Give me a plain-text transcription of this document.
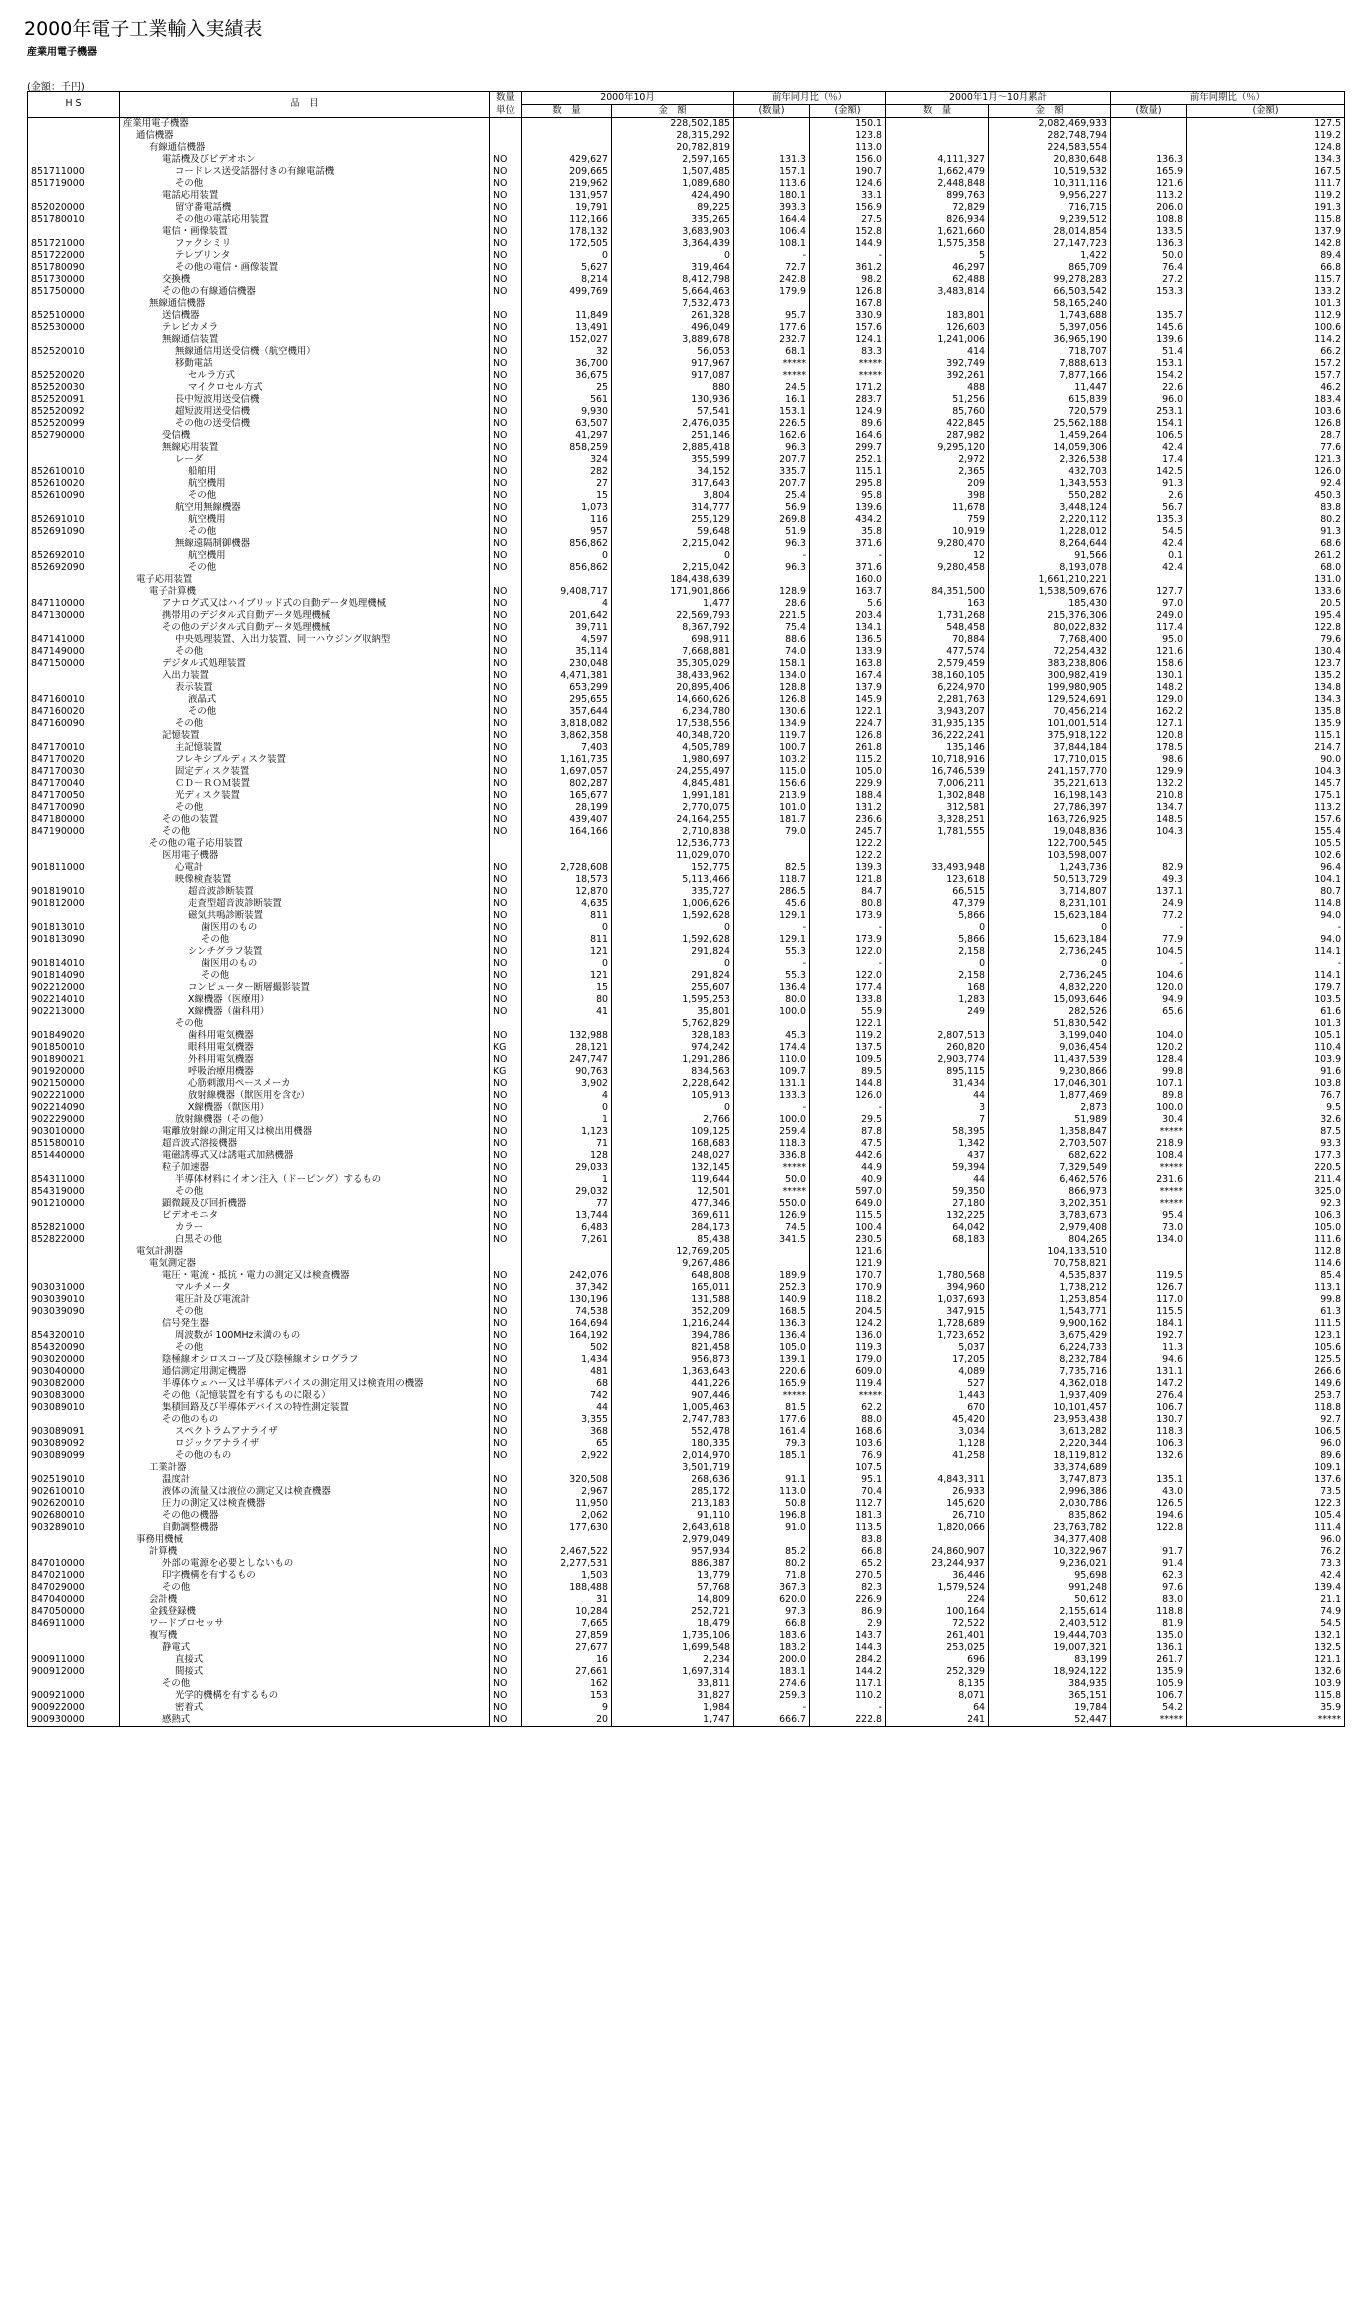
2000年電子工業輸入実績表
産業用電子機器
(金額：千円)
H S	品　目	数量	2000年10月		前年同月比（％）		2000年1月～10月累計		前年同期比（％）	
		単位	数　量	金　額	(数量)	(金額)	数　量	金　額	(数量)	(金額)
	産業用電子機器			228,502,185		150.1		2,082,469,933		127.5
	通信機器			28,315,292		123.8		282,748,794		119.2
	有線通信機器			20,782,819		113.0		224,583,554		124.8
	電話機及びビデオホン	NO	429,627	2,597,165	131.3	156.0	4,111,327	20,830,648	136.3	134.3
851711000	コードレス送受話器付きの有線電話機	NO	209,665	1,507,485	157.1	190.7	1,662,479	10,519,532	165.9	167.5
851719000	その他	NO	219,962	1,089,680	113.6	124.6	2,448,848	10,311,116	121.6	111.7
	電話応用装置	NO	131,957	424,490	180.1	33.1	899,763	9,956,227	113.2	119.2
852020000	留守番電話機	NO	19,791	89,225	393.3	156.9	72,829	716,715	206.0	191.3
851780010	その他の電話応用装置	NO	112,166	335,265	164.4	27.5	826,934	9,239,512	108.8	115.8
	電信・画像装置	NO	178,132	3,683,903	106.4	152.8	1,621,660	28,014,854	133.5	137.9
851721000	ファクシミリ	NO	172,505	3,364,439	108.1	144.9	1,575,358	27,147,723	136.3	142.8
851722000	テレプリンタ	NO	0	0	-	-	5	1,422	50.0	89.4
851780090	その他の電信・画像装置	NO	5,627	319,464	72.7	361.2	46,297	865,709	76.4	66.8
851730000	交換機	NO	8,214	8,412,798	242.8	98.2	62,488	99,278,283	27.2	115.7
851750000	その他の有線通信機器	NO	499,769	5,664,463	179.9	126.8	3,483,814	66,503,542	153.3	133.2
	無線通信機器			7,532,473		167.8		58,165,240		101.3
852510000	送信機器	NO	11,849	261,328	95.7	330.9	183,801	1,743,688	135.7	112.9
852530000	テレビカメラ	NO	13,491	496,049	177.6	157.6	126,603	5,397,056	145.6	100.6
	無線通信装置	NO	152,027	3,889,678	232.7	124.1	1,241,006	36,965,190	139.6	114.2
852520010	無線通信用送受信機（航空機用）	NO	32	56,053	68.1	83.3	414	718,707	51.4	66.2
	移動電話	NO	36,700	917,967	*****	*****	392,749	7,888,613	153.1	157.2
852520020	セルラ方式	NO	36,675	917,087	*****	*****	392,261	7,877,166	154.2	157.7
852520030	マイクロセル方式	NO	25	880	24.5	171.2	488	11,447	22.6	46.2
852520091	長中短波用送受信機	NO	561	130,936	16.1	283.7	51,256	615,839	96.0	183.4
852520092	超短波用送受信機	NO	9,930	57,541	153.1	124.9	85,760	720,579	253.1	103.6
852520099	その他の送受信機	NO	63,507	2,476,035	226.5	89.6	422,845	25,562,188	154.1	126.8
852790000	受信機	NO	41,297	251,146	162.6	164.6	287,982	1,459,264	106.5	28.7
	無線応用装置	NO	858,259	2,885,418	96.3	299.7	9,295,120	14,059,306	42.4	77.6
	レーダ	NO	324	355,599	207.7	252.1	2,972	2,326,538	17.4	121.3
852610010	船舶用	NO	282	34,152	335.7	115.1	2,365	432,703	142.5	126.0
852610020	航空機用	NO	27	317,643	207.7	295.8	209	1,343,553	91.3	92.4
852610090	その他	NO	15	3,804	25.4	95.8	398	550,282	2.6	450.3
	航空用無線機器	NO	1,073	314,777	56.9	139.6	11,678	3,448,124	56.7	83.8
852691010	航空機用	NO	116	255,129	269.8	434.2	759	2,220,112	135.3	80.2
852691090	その他	NO	957	59,648	51.9	35.8	10,919	1,228,012	54.5	91.3
	無線遠隔制御機器	NO	856,862	2,215,042	96.3	371.6	9,280,470	8,264,644	42.4	68.6
852692010	航空機用	NO	0	0	-	-	12	91,566	0.1	261.2
852692090	その他	NO	856,862	2,215,042	96.3	371.6	9,280,458	8,193,078	42.4	68.0
	電子応用装置			184,438,639		160.0		1,661,210,221		131.0
	電子計算機	NO	9,408,717	171,901,866	128.9	163.7	84,351,500	1,538,509,676	127.7	133.6
847110000	アナログ式又はハイブリッド式の自動データ処理機械	NO	4	1,477	28.6	5.6	163	185,430	97.0	20.5
847130000	携帯用のデジタル式自動データ処理機械	NO	201,642	22,569,793	221.5	203.4	1,731,268	215,376,306	249.0	195.4
	その他のデジタル式自動データ処理機械	NO	39,711	8,367,792	75.4	134.1	548,458	80,022,832	117.4	122.8
847141000	中央処理装置、入出力装置、同一ハウジング収納型	NO	4,597	698,911	88.6	136.5	70,884	7,768,400	95.0	79.6
847149000	その他	NO	35,114	7,668,881	74.0	133.9	477,574	72,254,432	121.6	130.4
847150000	デジタル式処理装置	NO	230,048	35,305,029	158.1	163.8	2,579,459	383,238,806	158.6	123.7
	入出力装置	NO	4,471,381	38,433,962	134.0	167.4	38,160,105	300,982,419	130.1	135.2
	表示装置	NO	653,299	20,895,406	128.8	137.9	6,224,970	199,980,905	148.2	134.8
847160010	液晶式	NO	295,655	14,660,626	126.8	145.9	2,281,763	129,524,691	129.0	134.3
847160020	その他	NO	357,644	6,234,780	130.6	122.1	3,943,207	70,456,214	162.2	135.8
847160090	その他	NO	3,818,082	17,538,556	134.9	224.7	31,935,135	101,001,514	127.1	135.9
	記憶装置	NO	3,862,358	40,348,720	119.7	126.8	36,222,241	375,918,122	120.8	115.1
847170010	主記憶装置	NO	7,403	4,505,789	100.7	261.8	135,146	37,844,184	178.5	214.7
847170020	フレキシブルディスク装置	NO	1,161,735	1,980,697	103.2	115.2	10,718,916	17,710,015	98.6	90.0
847170030	固定ディスク装置	NO	1,697,057	24,255,497	115.0	105.0	16,746,539	241,157,770	129.9	104.3
847170040	ＣＤ－ＲＯＭ装置	NO	802,287	4,845,481	156.6	229.9	7,006,211	35,221,613	132.2	145.7
847170050	光ディスク装置	NO	165,677	1,991,181	213.9	188.4	1,302,848	16,198,143	210.8	175.1
847170090	その他	NO	28,199	2,770,075	101.0	131.2	312,581	27,786,397	134.7	113.2
847180000	その他の装置	NO	439,407	24,164,255	181.7	236.6	3,328,251	163,726,925	148.5	157.6
847190000	その他	NO	164,166	2,710,838	79.0	245.7	1,781,555	19,048,836	104.3	155.4
	その他の電子応用装置			12,536,773		122.2		122,700,545		105.5
	医用電子機器			11,029,070		122.2		103,598,007		102.6
901811000	心電計	NO	2,728,608	152,775	82.5	139.3	33,493,948	1,243,736	82.9	96.4
	映像検査装置	NO	18,573	5,113,466	118.7	121.8	123,618	50,513,729	49.3	104.1
901819010	超音波診断装置	NO	12,870	335,727	286.5	84.7	66,515	3,714,807	137.1	80.7
901812000	走査型超音波診断装置	NO	4,635	1,006,626	45.6	80.8	47,379	8,231,101	24.9	114.8
	磁気共鳴診断装置	NO	811	1,592,628	129.1	173.9	5,866	15,623,184	77.2	94.0
901813010	歯医用のもの	NO	0	0	-	-	0	0	-	-
901813090	その他	NO	811	1,592,628	129.1	173.9	5,866	15,623,184	77.9	94.0
	シンチグラフ装置	NO	121	291,824	55.3	122.0	2,158	2,736,245	104.5	114.1
901814010	歯医用のもの	NO	0	0	-	-	0	0	-	-
901814090	その他	NO	121	291,824	55.3	122.0	2,158	2,736,245	104.6	114.1
902212000	コンピューター断層撮影装置	NO	15	255,607	136.4	177.4	168	4,832,220	120.0	179.7
902214010	X線機器（医療用）	NO	80	1,595,253	80.0	133.8	1,283	15,093,646	94.9	103.5
902213000	X線機器（歯科用）	NO	41	35,801	100.0	55.9	249	282,526	65.6	61.6
	その他			5,762,829		122.1		51,830,542		101.3
901849020	歯科用電気機器	NO	132,988	328,183	45.3	119.2	2,807,513	3,199,040	104.0	105.1
901850010	眼科用電気機器	KG	28,121	974,242	174.4	137.5	260,820	9,036,454	120.2	110.4
901890021	外科用電気機器	NO	247,747	1,291,286	110.0	109.5	2,903,774	11,437,539	128.4	103.9
901920000	呼吸治療用機器	KG	90,763	834,563	109.7	89.5	895,115	9,230,866	99.8	91.6
902150000	心筋刺激用ペースメーカ	NO	3,902	2,228,642	131.1	144.8	31,434	17,046,301	107.1	103.8
902221000	放射線機器（獣医用を含む）	NO	4	105,913	133.3	126.0	44	1,877,469	89.8	76.7
902214090	X線機器（獣医用）	NO	0	0	-	-	3	2,873	100.0	9.5
902229000	放射線機器（その他）	NO	1	2,766	100.0	29.5	7	51,989	30.4	32.6
903010000	電離放射線の測定用又は検出用機器	NO	1,123	109,125	259.4	87.8	58,395	1,358,847	*****	87.5
851580010	超音波式溶接機器	NO	71	168,683	118.3	47.5	1,342	2,703,507	218.9	93.3
851440000	電磁誘導式又は誘電式加熱機器	NO	128	248,027	336.8	442.6	437	682,622	108.4	177.3
	粒子加速器	NO	29,033	132,145	*****	44.9	59,394	7,329,549	*****	220.5
854311000	半導体材料にイオン注入（ドーピング）するもの	NO	1	119,644	50.0	40.9	44	6,462,576	231.6	211.4
854319000	その他	NO	29,032	12,501	*****	597.0	59,350	866,973	*****	325.0
901210000	顕微鏡及び回折機器	NO	77	477,346	550.0	649.0	27,180	3,202,351	*****	92.3
	ビデオモニタ	NO	13,744	369,611	126.9	115.5	132,225	3,783,673	95.4	106.3
852821000	カラー	NO	6,483	284,173	74.5	100.4	64,042	2,979,408	73.0	105.0
852822000	白黒その他	NO	7,261	85,438	341.5	230.5	68,183	804,265	134.0	111.6
	電気計測器			12,769,205		121.6		104,133,510		112.8
	電気測定器			9,267,486		121.9		70,758,821		114.6
	電圧・電流・抵抗・電力の測定又は検査機器	NO	242,076	648,808	189.9	170.7	1,780,568	4,535,837	119.5	85.4
903031000	マルチメータ	NO	37,342	165,011	252.3	170.9	394,960	1,738,212	126.7	113.1
903039010	電圧計及び電流計	NO	130,196	131,588	140.9	118.2	1,037,693	1,253,854	117.0	99.8
903039090	その他	NO	74,538	352,209	168.5	204.5	347,915	1,543,771	115.5	61.3
	信号発生器	NO	164,694	1,216,244	136.3	124.2	1,728,689	9,900,162	184.1	111.5
854320010	周波数が 100MHz未満のもの	NO	164,192	394,786	136.4	136.0	1,723,652	3,675,429	192.7	123.1
854320090	その他	NO	502	821,458	105.0	119.3	5,037	6,224,733	11.3	105.6
903020000	陰極線オシロスコープ及び陰極線オシログラフ	NO	1,434	956,873	139.1	179.0	17,205	8,232,784	94.6	125.5
903040000	通信測定用測定機器	NO	481	1,363,643	220.6	609.0	4,089	7,735,716	131.1	266.6
903082000	半導体ウェハー又は半導体デバイスの測定用又は検査用の機器	NO	68	441,226	165.9	119.4	527	4,362,018	147.2	149.6
903083000	その他（記憶装置を有するものに限る）	NO	742	907,446	*****	*****	1,443	1,937,409	276.4	253.7
903089010	集積回路及び半導体デバイスの特性測定装置	NO	44	1,005,463	81.5	62.2	670	10,101,457	106.7	118.8
	その他のもの	NO	3,355	2,747,783	177.6	88.0	45,420	23,953,438	130.7	92.7
903089091	スペクトラムアナライザ	NO	368	552,478	161.4	168.6	3,034	3,613,282	118.3	106.5
903089092	ロジックアナライザ	NO	65	180,335	79.3	103.6	1,128	2,220,344	106.3	96.0
903089099	その他のもの	NO	2,922	2,014,970	185.1	76.9	41,258	18,119,812	132.6	89.6
	工業計器			3,501,719		107.5		33,374,689		109.1
902519010	温度計	NO	320,508	268,636	91.1	95.1	4,843,311	3,747,873	135.1	137.6
902610010	液体の流量又は液位の測定又は検査機器	NO	2,967	285,172	113.0	70.4	26,933	2,996,386	43.0	73.5
902620010	圧力の測定又は検査機器	NO	11,950	213,183	50.8	112.7	145,620	2,030,786	126.5	122.3
902680010	その他の機器	NO	2,062	91,110	196.8	181.3	26,710	835,862	194.6	105.4
903289010	自動調整機器	NO	177,630	2,643,618	91.0	113.5	1,820,066	23,763,782	122.8	111.4
	事務用機械			2,979,049		83.8		34,377,408		96.0
	計算機	NO	2,467,522	957,934	85.2	66.8	24,860,907	10,322,967	91.7	76.2
847010000	外部の電源を必要としないもの	NO	2,277,531	886,387	80.2	65.2	23,244,937	9,236,021	91.4	73.3
847021000	印字機構を有するもの	NO	1,503	13,779	71.8	270.5	36,446	95,698	62.3	42.4
847029000	その他	NO	188,488	57,768	367.3	82.3	1,579,524	991,248	97.6	139.4
847040000	会計機	NO	31	14,809	620.0	226.9	224	50,612	83.0	21.1
847050000	金銭登録機	NO	10,284	252,721	97.3	86.9	100,164	2,155,614	118.8	74.9
846911000	ワードプロセッサ	NO	7,665	18,479	66.8	2.9	72,522	2,403,512	81.9	54.5
	複写機	NO	27,859	1,735,106	183.6	143.7	261,401	19,444,703	135.0	132.1
	静電式	NO	27,677	1,699,548	183.2	144.3	253,025	19,007,321	136.1	132.5
900911000	直接式	NO	16	2,234	200.0	284.2	696	83,199	261.7	121.1
900912000	間接式	NO	27,661	1,697,314	183.1	144.2	252,329	18,924,122	135.9	132.6
	その他	NO	162	33,811	274.6	117.1	8,135	384,935	105.9	103.9
900921000	光学的機構を有するもの	NO	153	31,827	259.3	110.2	8,071	365,151	106.7	115.8
900922000	密着式	NO	9	1,984	-	-	64	19,784	54.2	35.9
900930000	感熱式	NO	20	1,747	666.7	222.8	241	52,447	*****	*****
